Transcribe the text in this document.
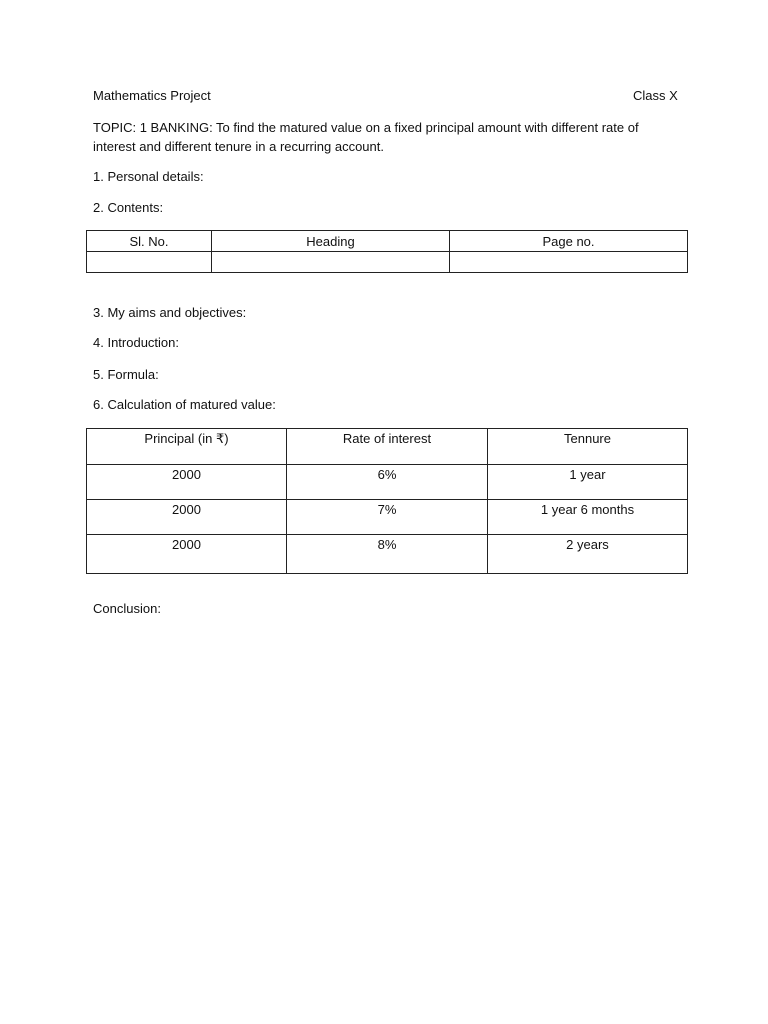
Mathematics Project	Class X
TOPIC: 1 BANKING: To find the matured value on a fixed principal amount with different rate of interest and different tenure in a recurring account.
1. Personal details:
2. Contents:
Sl. No.	Heading	Page no.

3. My aims and objectives:
4. Introduction:
5. Formula:
6. Calculation of matured value:
Principal (in ₹)	Rate of interest	Tennure
2000	6%	1 year
2000	7%	1 year 6 months
2000	8%	2 years
Conclusion:
